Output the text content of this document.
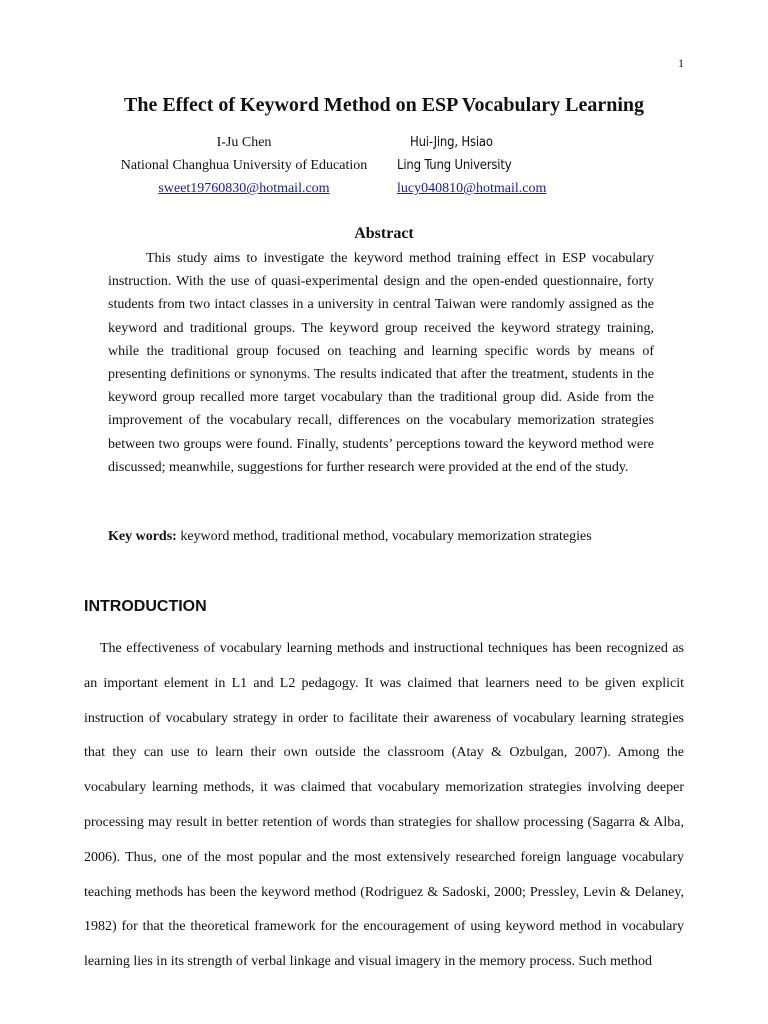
1
The Effect of Keyword Method on ESP Vocabulary Learning
I-Ju Chen
National Changhua University of Education
sweet19760830@hotmail.com
Hui-Jing, Hsiao
Ling Tung University
lucy040810@hotmail.com
Abstract

This study aims to investigate the keyword method training effect in ESP vocabulary instruction. With the use of quasi-experimental design and the open-ended questionnaire, forty students from two intact classes in a university in central Taiwan were randomly assigned as the keyword and traditional groups. The keyword group received the keyword strategy training, while the traditional group focused on teaching and learning specific words by means of presenting definitions or synonyms. The results indicated that after the treatment, students in the keyword group recalled more target vocabulary than the traditional group did. Aside from the improvement of the vocabulary recall, differences on the vocabulary memorization strategies between two groups were found. Finally, students’ perceptions toward the keyword method were discussed; meanwhile, suggestions for further research were provided at the end of the study.

Key words: keyword method, traditional method, vocabulary memorization strategies

INTRODUCTION

The effectiveness of vocabulary learning methods and instructional techniques has been recognized as an important element in L1 and L2 pedagogy. It was claimed that learners need to be given explicit instruction of vocabulary strategy in order to facilitate their awareness of vocabulary learning strategies that they can use to learn their own outside the classroom (Atay & Ozbulgan, 2007). Among the vocabulary learning methods, it was claimed that vocabulary memorization strategies involving deeper processing may result in better retention of words than strategies for shallow processing (Sagarra & Alba, 2006). Thus, one of the most popular and the most extensively researched foreign language vocabulary teaching methods has been the keyword method (Rodriguez & Sadoski, 2000; Pressley, Levin & Delaney, 1982) for that the theoretical framework for the encouragement of using keyword method in vocabulary learning lies in its strength of verbal linkage and visual imagery in the memory process. Such method
